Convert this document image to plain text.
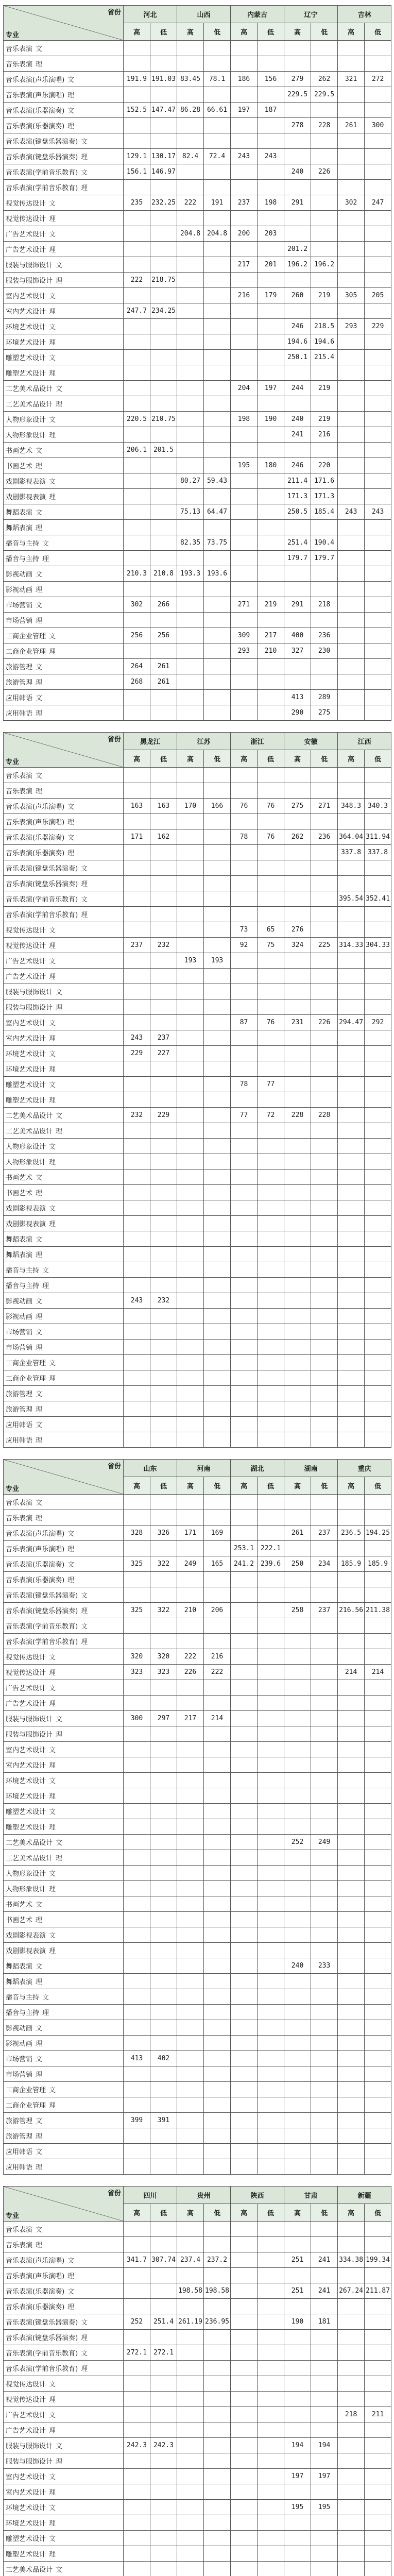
省份
专业	河北		山西		内蒙古		辽宁		吉林	
	高	低	高	低	高	低	高	低	高	低
音乐表演 文										
音乐表演 理										
音乐表演(声乐演唱) 文	191.9	191.03	83.45	78.1	186	156	279	262	321	272
音乐表演(声乐演唱) 理							229.5	229.5		
音乐表演(乐器演奏) 文	152.5	147.47	86.28	66.61	197	187				
音乐表演(乐器演奏) 理							278	228	261	300
音乐表演(键盘乐器演奏) 文										
音乐表演(键盘乐器演奏) 理	129.1	130.17	82.4	72.4	243	243				
音乐表演(学前音乐教育) 文	156.1	146.97					240	226		
音乐表演(学前音乐教育) 理										
视觉传达设计 文	235	232.25	222	191	237	198	291		302	247
视觉传达设计 理										
广告艺术设计 文			204.8	204.8	200	203				
广告艺术设计 理							201.2			
服装与服饰设计 文					217	201	196.2	196.2		
服装与服饰设计 理	222	218.75								
室内艺术设计 文					216	179	260	219	305	205
室内艺术设计 理	247.7	234.25								
环境艺术设计 文							246	218.5	293	229
环境艺术设计 理							194.6	194.6		
雕塑艺术设计 文							250.1	215.4		
雕塑艺术设计 理										
工艺美术品设计 文					204	197	244	219		
工艺美术品设计 理										
人物形象设计 文	220.5	210.75			198	190	240	219		
人物形象设计 理							241	216		
书画艺术 文	206.1	201.5								
书画艺术 理					195	180	246	220		
戏剧影视表演 文			80.27	59.43			211.4	171.6		
戏剧影视表演 理							171.3	171.3		
舞蹈表演 文			75.13	64.47			250.5	185.4	243	243
舞蹈表演 理										
播音与主持 文			82.35	73.75			251.4	190.4		
播音与主持 理							179.7	179.7		
影视动画 文	210.3	210.8	193.3	193.6						
影视动画 理										
市场营销 文	302	266			271	219	291	218		
市场营销 理										
工商企业管理 文	256	256			309	217	400	236		
工商企业管理 理					293	210	327	230		
旅游管理 文	264	261								
旅游管理 理	268	261								
应用韩语 文							413	289		
应用韩语 理							290	275		
省份
专业	黑龙江		江苏		浙江		安徽		江西	
	高	低	高	低	高	低	高	低	高	低
音乐表演 文										
音乐表演 理										
音乐表演(声乐演唱) 文	163	163	170	166	76	76	275	271	348.3	340.3
音乐表演(声乐演唱) 理										
音乐表演(乐器演奏) 文	171	162			78	76	262	236	364.04	311.94
音乐表演(乐器演奏) 理									337.8	337.8
音乐表演(键盘乐器演奏) 文										
音乐表演(键盘乐器演奏) 理										
音乐表演(学前音乐教育) 文									395.54	352.41
音乐表演(学前音乐教育) 理										
视觉传达设计 文					73	65	276			
视觉传达设计 理	237	232			92	75	324	225	314.33	304.33
广告艺术设计 文			193	193						
广告艺术设计 理										
服装与服饰设计 文										
服装与服饰设计 理										
室内艺术设计 文					87	76	231	226	294.47	292
室内艺术设计 理	243	237								
环境艺术设计 文	229	227								
环境艺术设计 理										
雕塑艺术设计 文					78	77				
雕塑艺术设计 理										
工艺美术品设计 文	232	229			77	72	228	228		
工艺美术品设计 理										
人物形象设计 文										
人物形象设计 理										
书画艺术 文										
书画艺术 理										
戏剧影视表演 文										
戏剧影视表演 理										
舞蹈表演 文										
舞蹈表演 理										
播音与主持 文										
播音与主持 理										
影视动画 文	243	232								
影视动画 理										
市场营销 文										
市场营销 理										
工商企业管理 文										
工商企业管理 理										
旅游管理 文										
旅游管理 理										
应用韩语 文										
应用韩语 理										
省份
专业	山东		河南		湖北		湖南		重庆	
	高	低	高	低	高	低	高	低	高	低
音乐表演 文										
音乐表演 理										
音乐表演(声乐演唱) 文	328	326	171	169			261	237	236.5	194.25
音乐表演(声乐演唱) 理					253.1	222.1				
音乐表演(乐器演奏) 文	325	322	249	165	241.2	239.6	250	234	185.9	185.9
音乐表演(乐器演奏) 理										
音乐表演(键盘乐器演奏) 文										
音乐表演(键盘乐器演奏) 理	325	322	210	206			258	237	216.56	211.38
音乐表演(学前音乐教育) 文										
音乐表演(学前音乐教育) 理										
视觉传达设计 文	320	320	222	216						
视觉传达设计 理	323	323	226	222					214	214
广告艺术设计 文										
广告艺术设计 理										
服装与服饰设计 文	300	297	217	214						
服装与服饰设计 理										
室内艺术设计 文										
室内艺术设计 理										
环境艺术设计 文										
环境艺术设计 理										
雕塑艺术设计 文										
雕塑艺术设计 理										
工艺美术品设计 文							252	249		
工艺美术品设计 理										
人物形象设计 文										
人物形象设计 理										
书画艺术 文										
书画艺术 理										
戏剧影视表演 文										
戏剧影视表演 理										
舞蹈表演 文							240	233		
舞蹈表演 理										
播音与主持 文										
播音与主持 理										
影视动画 文										
影视动画 理										
市场营销 文	413	402								
市场营销 理										
工商企业管理 文										
工商企业管理 理										
旅游管理 文	399	391								
旅游管理 理										
应用韩语 文										
应用韩语 理										
省份
专业	四川		贵州		陕西		甘肃		新疆	
	高	低	高	低	高	低	高	低	高	低
音乐表演 文										
音乐表演 理										
音乐表演(声乐演唱) 文	341.7	307.74	237.4	237.2			251	241	334.38	199.34
音乐表演(声乐演唱) 理										
音乐表演(乐器演奏) 文			198.58	198.58			251	241	267.24	211.87
音乐表演(乐器演奏) 理										
音乐表演(键盘乐器演奏) 文	252	251.4	261.19	236.95			190	181		
音乐表演(键盘乐器演奏) 理										
音乐表演(学前音乐教育) 文	272.1	272.1								
音乐表演(学前音乐教育) 理										
视觉传达设计 文										
视觉传达设计 理										
广告艺术设计 文									218	211
广告艺术设计 理										
服装与服饰设计 文	242.3	242.3					194	194		
服装与服饰设计 理										
室内艺术设计 文							197	197		
室内艺术设计 理										
环境艺术设计 文							195	195		
环境艺术设计 理										
雕塑艺术设计 文										
雕塑艺术设计 理										
工艺美术品设计 文										
